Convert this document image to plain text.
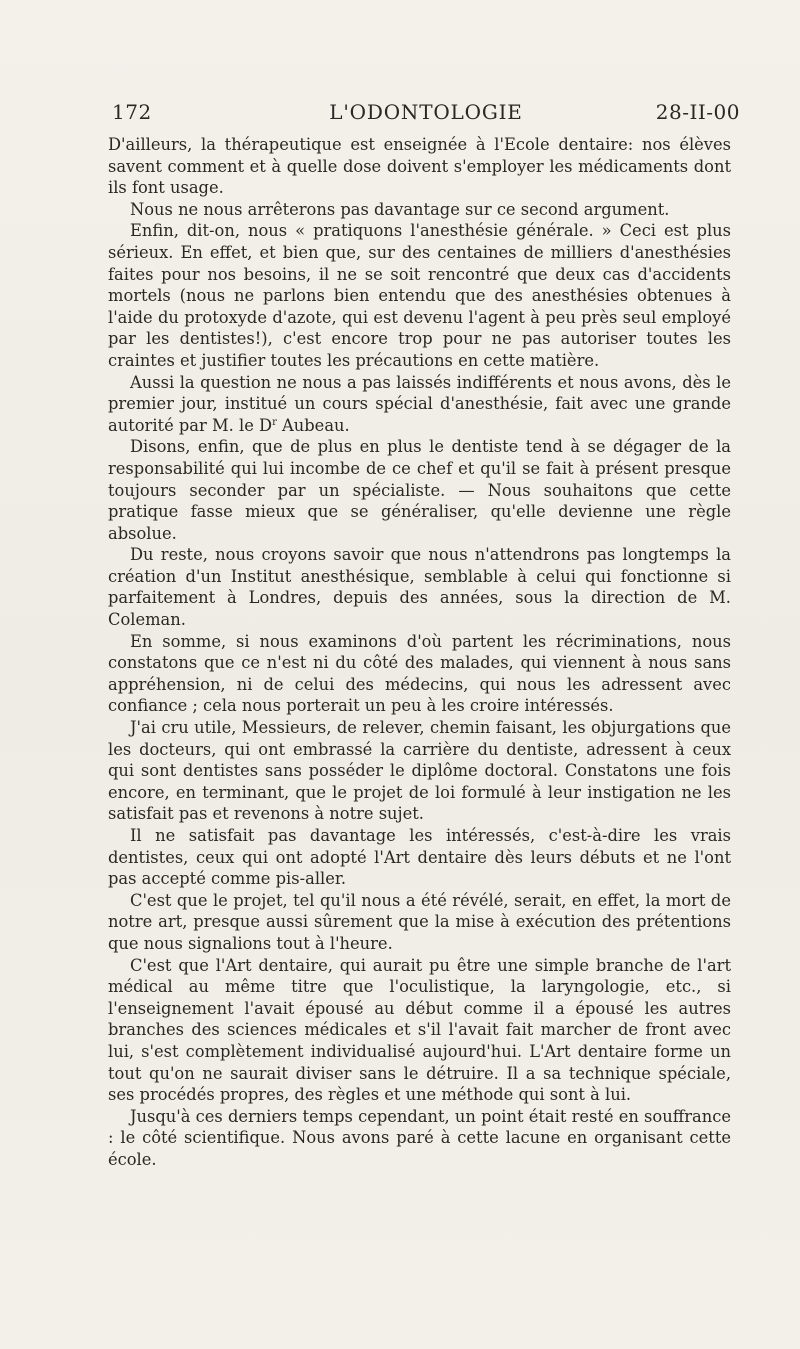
172	L'ODONTOLOGIE	28-II-00

D'ailleurs, la thérapeutique est enseignée à l'Ecole dentaire: nos élèves savent comment et à quelle dose doivent s'employer les médicaments dont ils font usage.

Nous ne nous arrêterons pas davantage sur ce second argument.

Enfin, dit-on, nous « pratiquons l'anesthésie générale. » Ceci est plus sérieux. En effet, et bien que, sur des centaines de milliers d'anesthésies faites pour nos besoins, il ne se soit rencontré que deux cas d'accidents mortels (nous ne parlons bien entendu que des anesthésies obtenues à l'aide du protoxyde d'azote, qui est devenu l'agent à peu près seul employé par les dentistes!), c'est encore trop pour ne pas autoriser toutes les craintes et justifier toutes les précautions en cette matière.

Aussi la question ne nous a pas laissés indifférents et nous avons, dès le premier jour, institué un cours spécial d'anesthésie, fait avec une grande autorité par M. le $D^r$ Aubeau.

Disons, enfin, que de plus en plus le dentiste tend à se dégager de la responsabilité qui lui incombe de ce chef et qu'il se fait à présent presque toujours seconder par un spécialiste. — Nous souhaitons que cette pratique fasse mieux que se généraliser, qu'elle devienne une règle absolue.

Du reste, nous croyons savoir que nous n'attendrons pas longtemps la création d'un Institut anesthésique, semblable à celui qui fonctionne si parfaitement à Londres, depuis des années, sous la direction de M. Coleman.

En somme, si nous examinons d'où partent les récriminations, nous constatons que ce n'est ni du côté des malades, qui viennent à nous sans appréhension, ni de celui des médecins, qui nous les adressent avec confiance ; cela nous porterait un peu à les croire intéressés.

J'ai cru utile, Messieurs, de relever, chemin faisant, les objurgations que les docteurs, qui ont embrassé la carrière du dentiste, adressent à ceux qui sont dentistes sans posséder le diplôme doctoral. Constatons une fois encore, en terminant, que le projet de loi formulé à leur instigation ne les satisfait pas et revenons à notre sujet.

Il ne satisfait pas davantage les intéressés, c'est-à-dire les vrais dentistes, ceux qui ont adopté l'Art dentaire dès leurs débuts et ne l'ont pas accepté comme pis-aller.

C'est que le projet, tel qu'il nous a été révélé, serait, en effet, la mort de notre art, presque aussi sûrement que la mise à exécution des prétentions que nous signalions tout à l'heure.

C'est que l'Art dentaire, qui aurait pu être une simple branche de l'art médical au même titre que l'oculistique, la laryngologie, etc., si l'enseignement l'avait épousé au début comme il a épousé les autres branches des sciences médicales et s'il l'avait fait marcher de front avec lui, s'est complètement individualisé aujourd'hui. L'Art dentaire forme un tout qu'on ne saurait diviser sans le détruire. Il a sa technique spéciale, ses procédés propres, des règles et une méthode qui sont à lui.

Jusqu'à ces derniers temps cependant, un point était resté en souffrance : le côté scientifique. Nous avons paré à cette lacune en organisant cette école.
